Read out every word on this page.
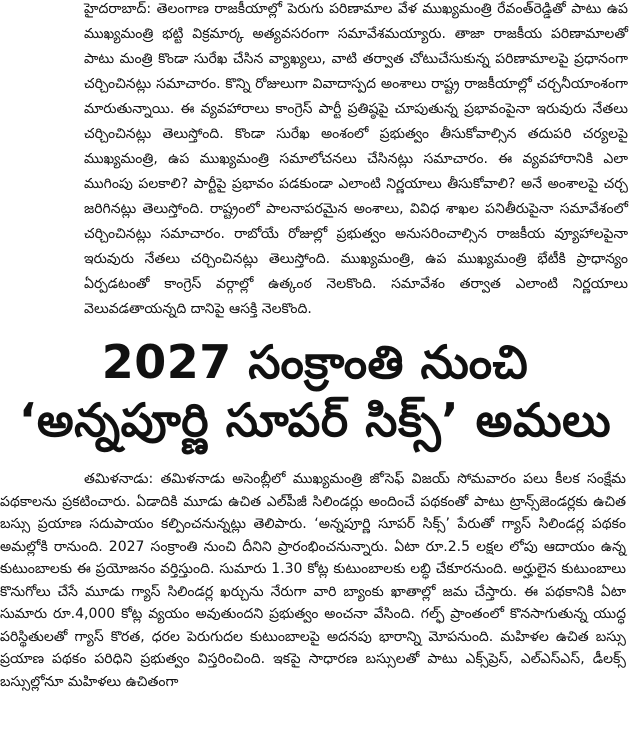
హైదరాబాద్: తెలంగాణ రాజకీయాల్లో పెరుగు పరిణామాల వేళ ముఖ్యమంత్రి రేవంత్‌రెడ్డితో పాటు ఉప ముఖ్యమంత్రి భట్టి విక్రమార్క అత్యవసరంగా సమావేశమయ్యారు. తాజా రాజకీయ పరిణామాలతో పాటు మంత్రి కొండా సురేఖ చేసిన వ్యాఖ్యలు, వాటి తర్వాత చోటుచేసుకున్న పరిణామాలపై ప్రధానంగా చర్చించినట్లు సమాచారం. కొన్ని రోజులుగా వివాదాస్పద అంశాలు రాష్ట్ర రాజకీయాల్లో చర్చనీయాంశంగా మారుతున్నాయి. ఈ వ్యవహారాలు కాంగ్రెస్ పార్టీ ప్రతిష్ఠపై చూపుతున్న ప్రభావంపైనా ఇరువురు నేతలు చర్చించినట్లు తెలుస్తోంది. కొండా సురేఖ అంశంలో ప్రభుత్వం తీసుకోవాల్సిన తదుపరి చర్యలపై ముఖ్యమంత్రి, ఉప ముఖ్యమంత్రి సమాలోచనలు చేసినట్లు సమాచారం. ఈ వ్యవహారానికి ఎలా ముగింపు పలకాలి? పార్టీపై ప్రభావం పడకుండా ఎలాంటి నిర్ణయాలు తీసుకోవాలి? అనే అంశాలపై చర్చ జరిగినట్లు తెలుస్తోంది. రాష్ట్రంలో పాలనాపరమైన అంశాలు, వివిధ శాఖల పనితీరుపైనా సమావేశంలో చర్చించినట్లు సమాచారం. రాబోయే రోజుల్లో ప్రభుత్వం అనుసరించాల్సిన రాజకీయ వ్యూహాలపైనా ఇరువురు నేతలు చర్చించినట్లు తెలుస్తోంది. ముఖ్యమంత్రి, ఉప ముఖ్యమంత్రి భేటీకి ప్రాధాన్యం ఏర్పడటంతో కాంగ్రెస్ వర్గాల్లో ఉత్కంఠ నెలకొంది. సమావేశం తర్వాత ఎలాంటి నిర్ణయాలు వెలువడతాయన్నది దానిపై ఆసక్తి నెలకొంది.
2027 సంక్రాంతి నుంచి
‘అన్నపూర్ణి సూపర్ సిక్స్’ అమలు
తమిళనాడు: తమిళనాడు అసెంబ్లీలో ముఖ్యమంత్రి జోసెఫ్ విజయ్ సోమవారం పలు కీలక సంక్షేమ పథకాలను ప్రకటించారు. ఏడాదికి మూడు ఉచిత ఎల్‌పీజీ సిలిండర్లు అందించే పథకంతో పాటు ట్రాన్స్‌జెండర్లకు ఉచిత బస్సు ప్రయాణ సదుపాయం కల్పించనున్నట్లు తెలిపారు. ‘అన్నపూర్ణి సూపర్ సిక్స్’ పేరుతో గ్యాస్ సిలిండర్ల పథకం అమల్లోకి రానుంది. 2027 సంక్రాంతి నుంచి దీనిని ప్రారంభించనున్నారు. ఏటా రూ.2.5 లక్షల లోపు ఆదాయం ఉన్న కుటుంబాలకు ఈ ప్రయోజనం వర్తిస్తుంది. సుమారు 1.30 కోట్ల కుటుంబాలకు లబ్ధి చేకూరనుంది. అర్హులైన కుటుంబాలు కొనుగోలు చేసే మూడు గ్యాస్ సిలిండర్ల ఖర్చును నేరుగా వారి బ్యాంకు ఖాతాల్లో జమ చేస్తారు. ఈ పథకానికి ఏటా సుమారు రూ.4,000 కోట్ల వ్యయం అవుతుందని ప్రభుత్వం అంచనా వేసింది. గల్ఫ్ ప్రాంతంలో కొనసాగుతున్న యుద్ధ పరిస్థితులతో గ్యాస్ కొరత, ధరల పెరుగుదల కుటుంబాలపై అదనపు భారాన్ని మోపనుంది. మహిళల ఉచిత బస్సు ప్రయాణ పథకం పరిధిని ప్రభుత్వం విస్తరించింది. ఇకపై సాధారణ బస్సులతో పాటు ఎక్స్‌ప్రెస్, ఎల్‌ఎస్‌ఎస్, డీలక్స్ బస్సుల్లోనూ మహిళలు ఉచితంగా
